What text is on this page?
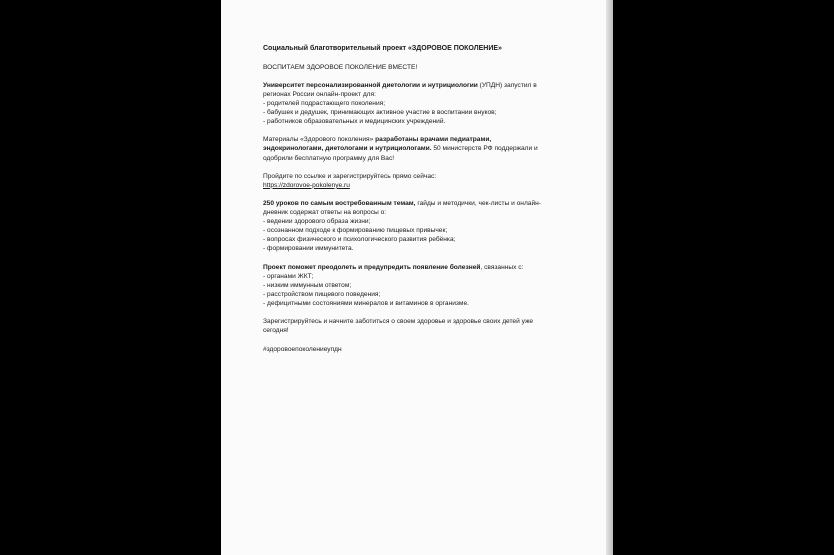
Социальный благотворительный проект «ЗДОРОВОЕ ПОКОЛЕНИЕ»

ВОСПИТАЕМ ЗДОРОВОЕ ПОКОЛЕНИЕ ВМЕСТЕ!

Университет персонализированной диетологии и нутрициологии (УПДН) запустил в

регионах России онлайн-проект для:

- родителей подрастающего поколения;

- бабушек и дедушек, принимающих активное участие в воспитании внуков;

- работников образовательных и медицинских учреждений.

Материалы «Здорового поколения» разработаны врачами педиатрами,

эндокринологами, диетологами и нутрициологами. 50 министерств РФ поддержали и

одобрили бесплатную программу для Вас!

Пройдите по ссылке и зарегистрируйтесь прямо сейчас:

https://zdorovoe-pokolenye.ru

250 уроков по самым востребованным темам, гайды и методички, чек-листы и онлайн-

дневник содержат ответы на вопросы о:

- ведении здорового образа жизни;

- осознанном подходе к формированию пищевых привычек;

- вопросах физического и психологического развития ребёнка;

- формировании иммунитета.

Проект поможет преодолеть и предупредить появление болезней, связанных с:

- органами ЖКТ;

- низким иммунным ответом;

- расстройством пищевого поведения;

- дефицитными состояниями минералов и витаминов в организме.

Зарегистрируйтесь и начните заботиться о своем здоровье и здоровье своих детей уже

сегодня!

#здоровоепоколениеупдн
